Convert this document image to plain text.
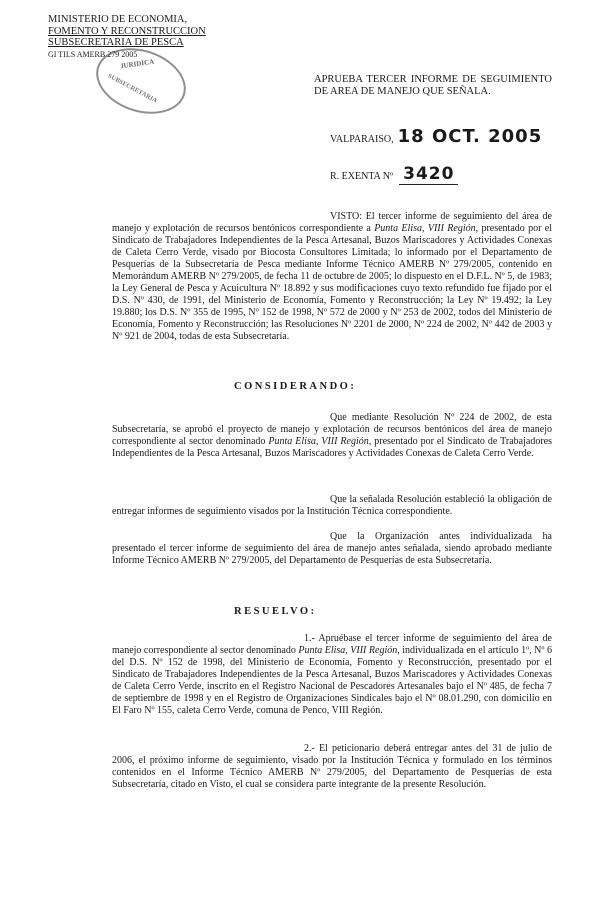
MINISTERIO DE ECONOMIA,
FOMENTO Y RECONSTRUCCION
SUBSECRETARIA DE PESCA
GI TILS AMERB 279 2005
JURIDICA
SUBSECRETARIA	APRUEBA TERCER INFORME DE SEGUIMIENTO DE AREA DE MANEJO QUE SEÑALA.
VALPARAISO, 18 OCT. 2005
R. EXENTA Nº 3420
VISTO: El tercer informe de seguimiento del área de manejo y explotación de recursos bentónicos correspondiente a Punta Elisa, VIII Región, presentado por el Sindicato de Trabajadores Independientes de la Pesca Artesanal, Buzos Mariscadores y Actividades Conexas de Caleta Cerro Verde, visado por Biocosta Consultores Limitada; lo informado por el Departamento de Pesquerías de la Subsecretaría de Pesca mediante Informe Técnico AMERB Nº 279/2005, contenido en Memorándum AMERB Nº 279/2005, de fecha 11 de octubre de 2005; lo dispuesto en el D.F.L. Nº 5, de 1983; la Ley General de Pesca y Acuicultura Nº 18.892 y sus modificaciones cuyo texto refundido fue fijado por el D.S. Nº 430, de 1991, del Ministerio de Economía, Fomento y Reconstrucción; la Ley Nº 19.492; la Ley 19.880; los D.S. Nº 355 de 1995, Nº 152 de 1998, Nº 572 de 2000 y Nº 253 de 2002, todos del Ministerio de Economía, Fomento y Reconstrucción; las Resoluciones Nº 2201 de 2000, Nº 224 de 2002, Nº 442 de 2003 y Nº 921 de 2004, todas de esta Subsecretaría.
CONSIDERANDO:
Que mediante Resolución Nº 224 de 2002, de esta Subsecretaría, se aprobó el proyecto de manejo y explotación de recursos bentónicos del área de manejo correspondiente al sector denominado Punta Elisa, VIII Región, presentado por el Sindicato de Trabajadores Independientes de la Pesca Artesanal, Buzos Mariscadores y Actividades Conexas de Caleta Cerro Verde.
Que la señalada Resolución estableció la obligación de entregar informes de seguimiento visados por la Institución Técnica correspondiente.
Que la Organización antes individualizada ha presentado el tercer informe de seguimiento del área de manejo antes señalada, siendo aprobado mediante Informe Técnico AMERB Nº 279/2005, del Departamento de Pesquerías de esta Subsecretaría.
RESUELVO:
1.- Apruébase el tercer informe de seguimiento del área de manejo correspondiente al sector denominado Punta Elisa, VIII Región, individualizada en el artículo 1º, Nº 6 del D.S. Nº 152 de 1998, del Ministerio de Economía, Fomento y Reconstrucción, presentado por el Sindicato de Trabajadores Independientes de la Pesca Artesanal, Buzos Mariscadores y Actividades Conexas de Caleta Cerro Verde, inscrito en el Registro Nacional de Pescadores Artesanales bajo el Nº 485, de fecha 7 de septiembre de 1998 y en el Registro de Organizaciones Sindicales bajo el Nº 08.01.290, con domicilio en El Faro Nº 155, caleta Cerro Verde, comuna de Penco, VIII Región.
2.- El peticionario deberá entregar antes del 31 de julio de 2006, el próximo informe de seguimiento, visado por la Institución Técnica y formulado en los términos contenidos en el Informe Técnico AMERB Nº 279/2005, del Departamento de Pesquerías de esta Subsecretaría, citado en Visto, el cual se considera parte integrante de la presente Resolución.
